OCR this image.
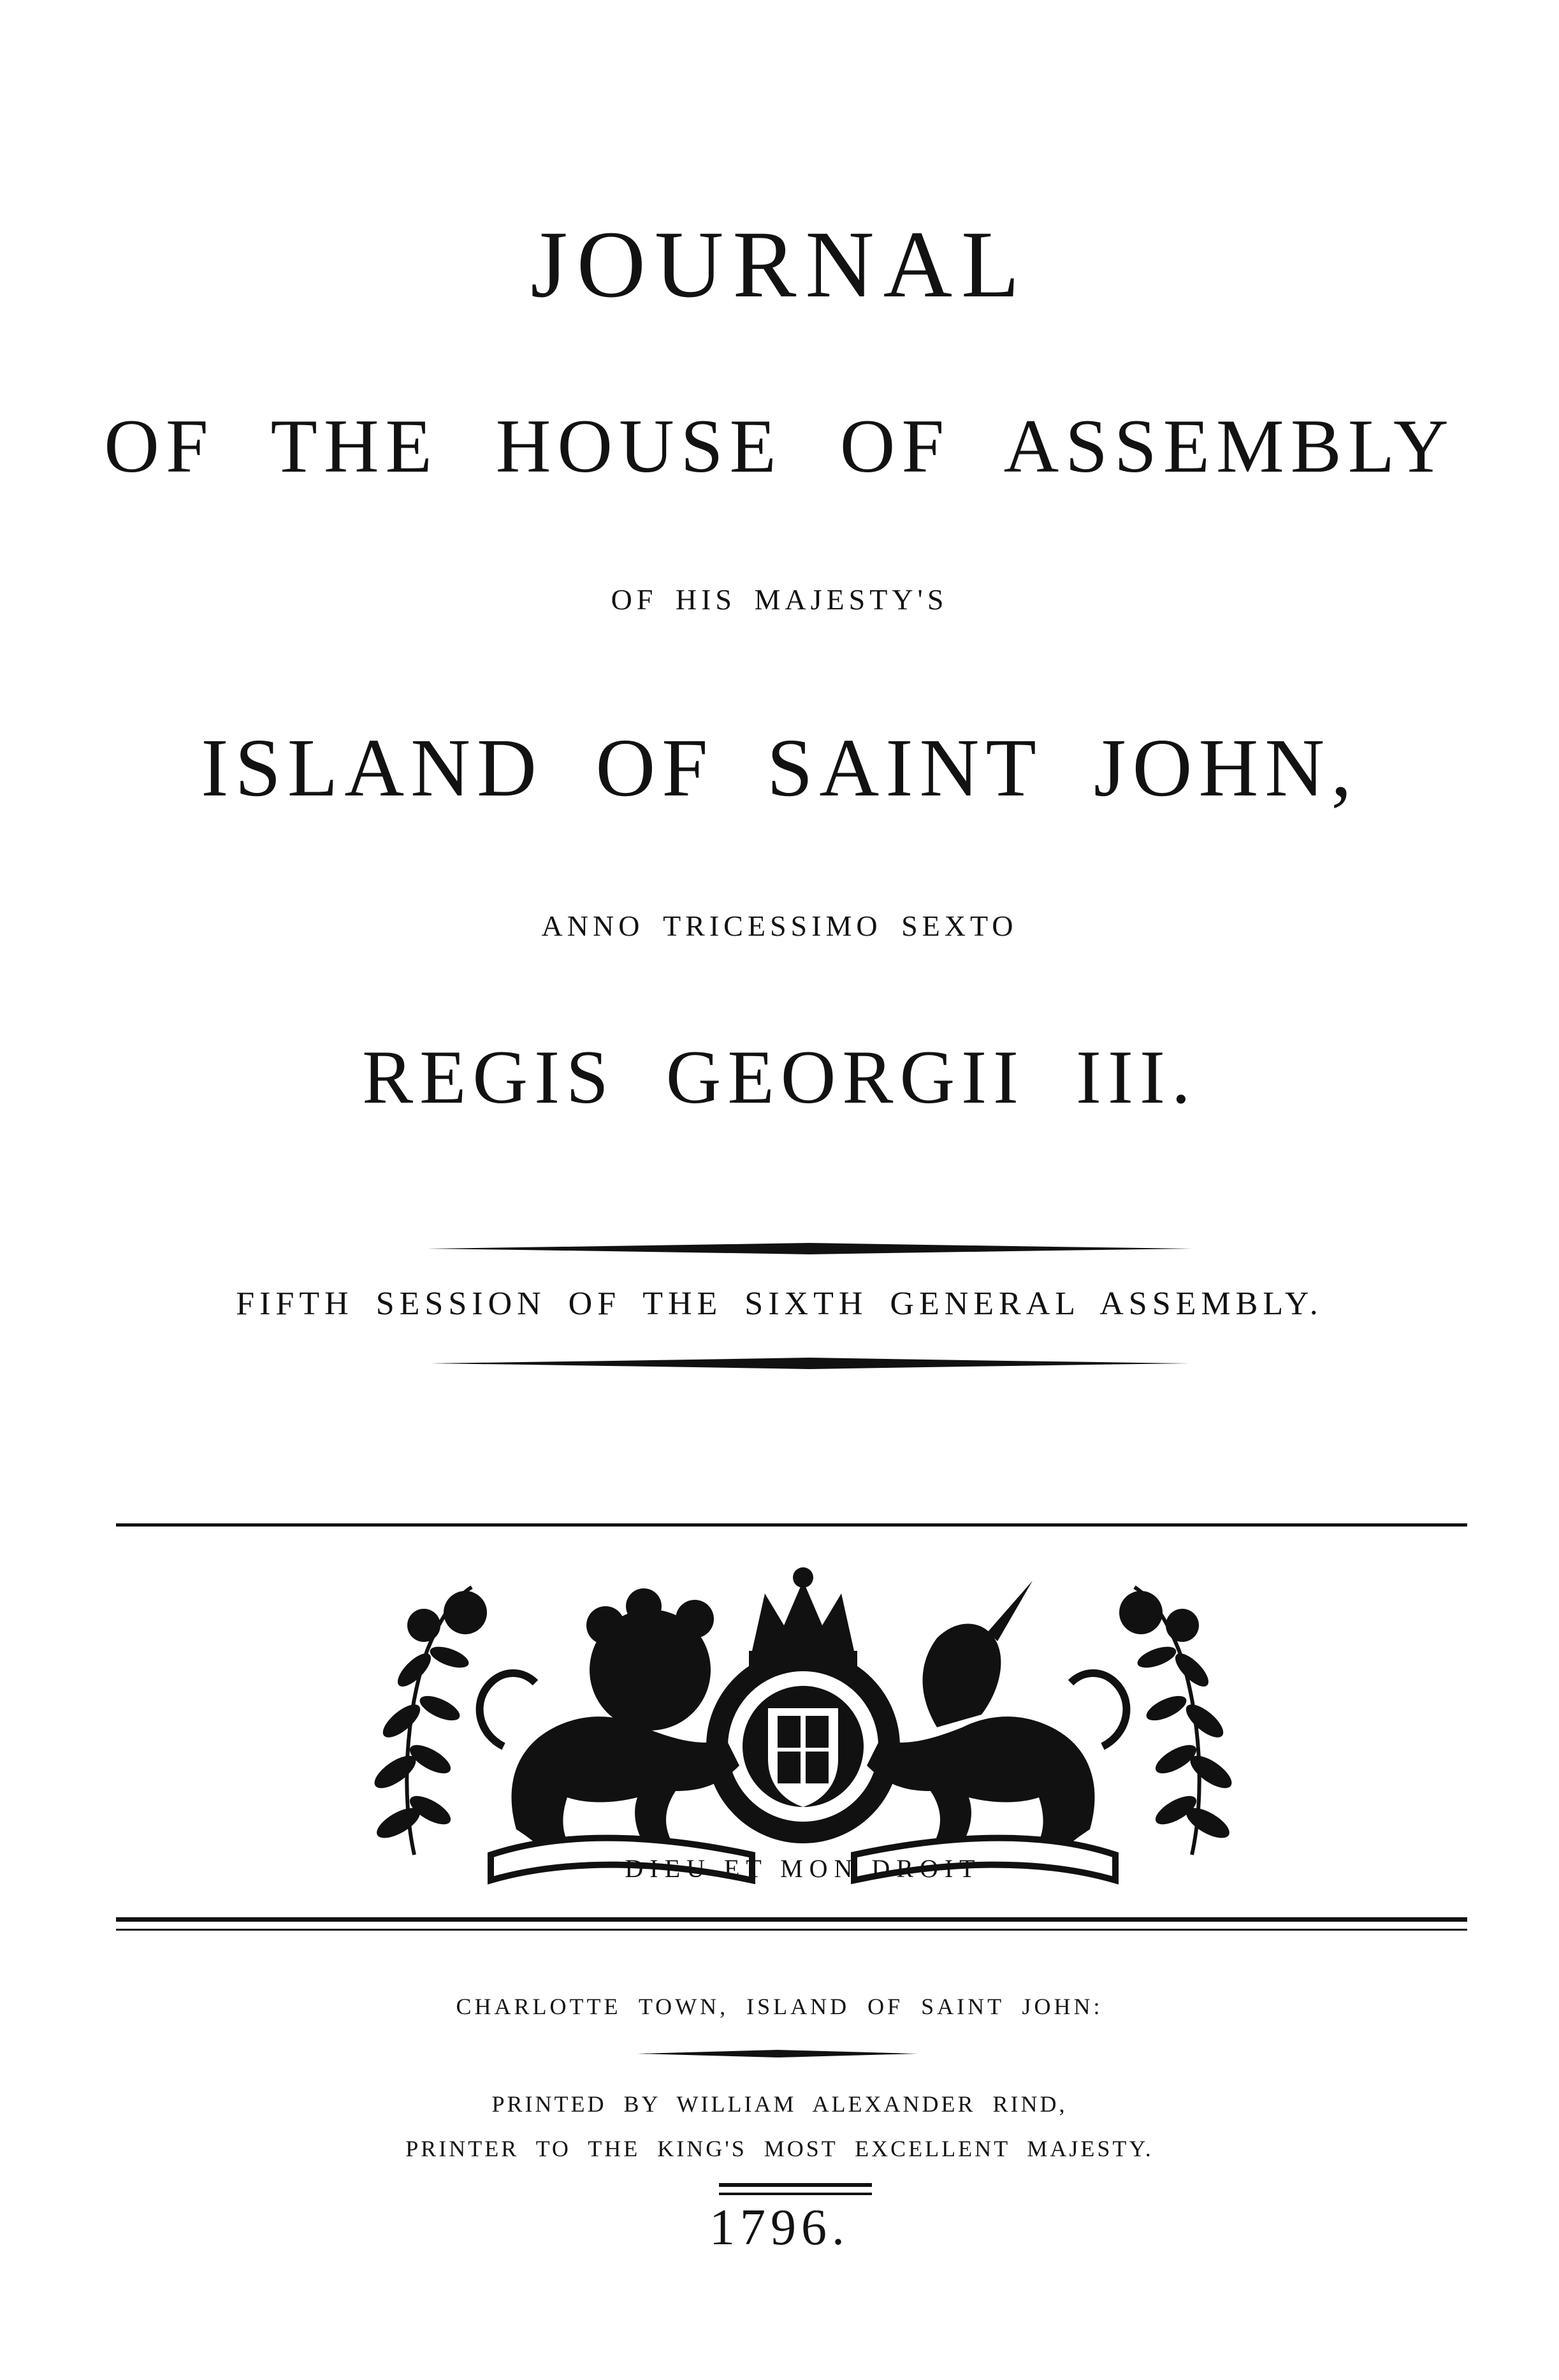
JOURNAL
OF THE HOUSE OF ASSEMBLY
OF HIS MAJESTY'S
ISLAND OF SAINT JOHN,
ANNO TRICESSIMO SEXTO
REGIS GEORGII III.
FIFTH SESSION OF THE SIXTH GENERAL ASSEMBLY.
DIEU ET MON DROIT
CHARLOTTE TOWN, ISLAND OF SAINT JOHN:
PRINTED BY WILLIAM ALEXANDER RIND,
PRINTER TO THE KING'S MOST EXCELLENT MAJESTY.
1796.
